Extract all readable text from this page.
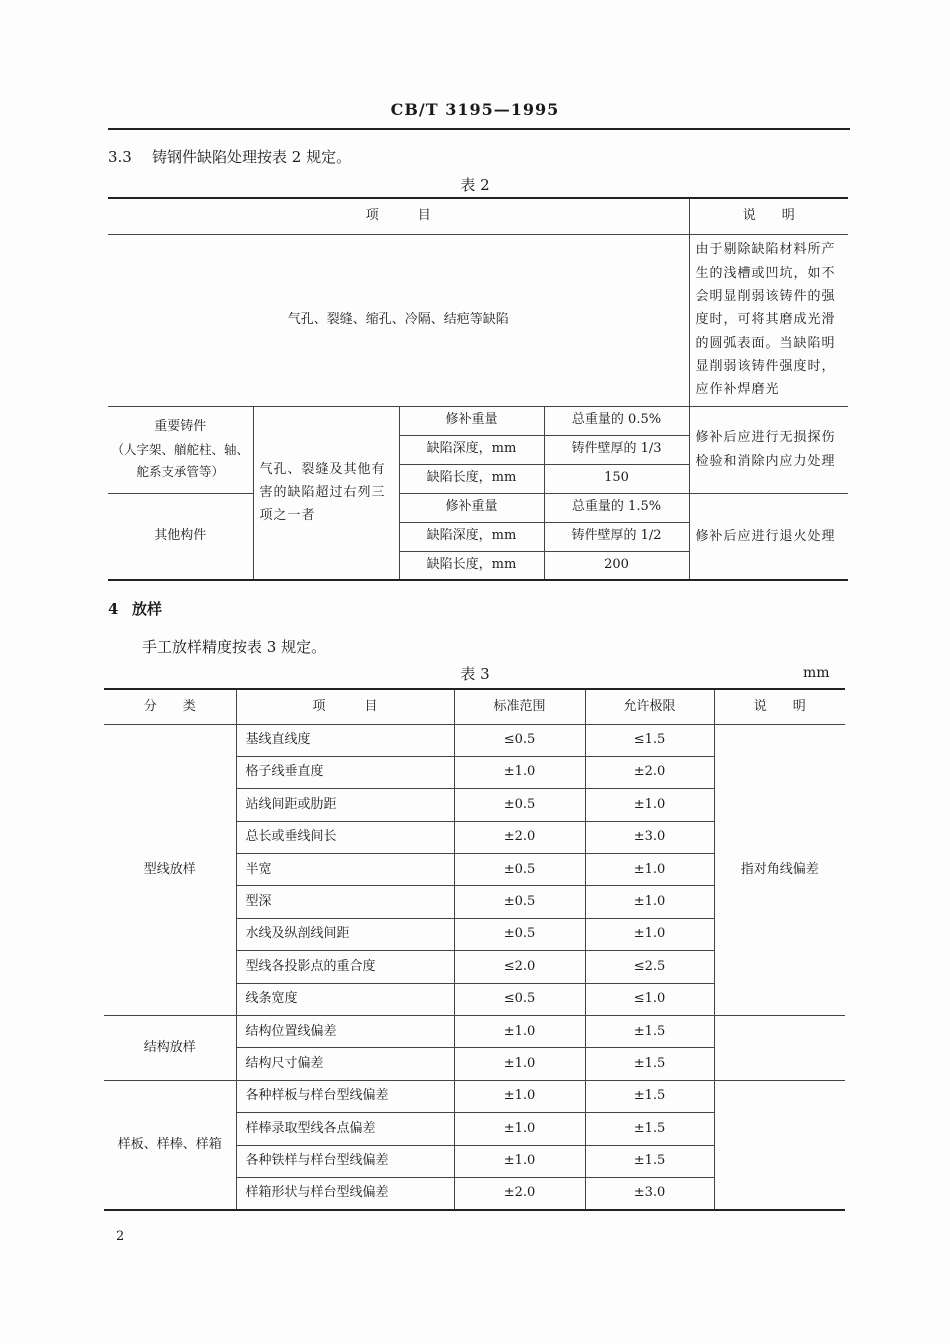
CB/T 3195—1995
3.3 铸钢件缺陷处理按表 2 规定。
表 2
项　　　目				说　　明
气孔、裂缝、缩孔、冷隔、结疤等缺陷				由于剔除缺陷材料所产生的浅槽或凹坑，如不会明显削弱该铸件的强度时，可将其磨成光滑的圆弧表面。当缺陷明显削弱该铸件强度时，应作补焊磨光

重要铸件
（人字架、艏舵柱、轴、舵系支承管等）	气孔、裂缝及其他有害的缺陷超过右列三项之一者	修补重量	总重量的 0.5%	修补后应进行无损探伤检验和消除内应力处理
		缺陷深度，mm	铸件壁厚的 1/3	
		缺陷长度，mm	150	
其他构件		修补重量	总重量的 1.5%	修补后应进行退火处理
		缺陷深度，mm	铸件壁厚的 1/2	
		缺陷长度，mm	200	
4 放样
手工放样精度按表 3 规定。
表 3	mm
分　　类	项　　　目	标准范围	允许极限	说　　明
型线放样	基线直线度	≤0.5	≤1.5	指对角线偏差
	格子线垂直度	±1.0	±2.0	
	站线间距或肋距	±0.5	±1.0	
	总长或垂线间长	±2.0	±3.0	
	半宽	±0.5	±1.0	
	型深	±0.5	±1.0	
	水线及纵剖线间距	±0.5	±1.0	
	型线各投影点的重合度	≤2.0	≤2.5	
	线条宽度	≤0.5	≤1.0	
结构放样	结构位置线偏差	±1.0	±1.5	
	结构尺寸偏差	±1.0	±1.5	
样板、样棒、样箱	各种样板与样台型线偏差	±1.0	±1.5	
	样棒录取型线各点偏差	±1.0	±1.5	
	各种铁样与样台型线偏差	±1.0	±1.5	
	样箱形状与样台型线偏差	±2.0	±3.0	
2
